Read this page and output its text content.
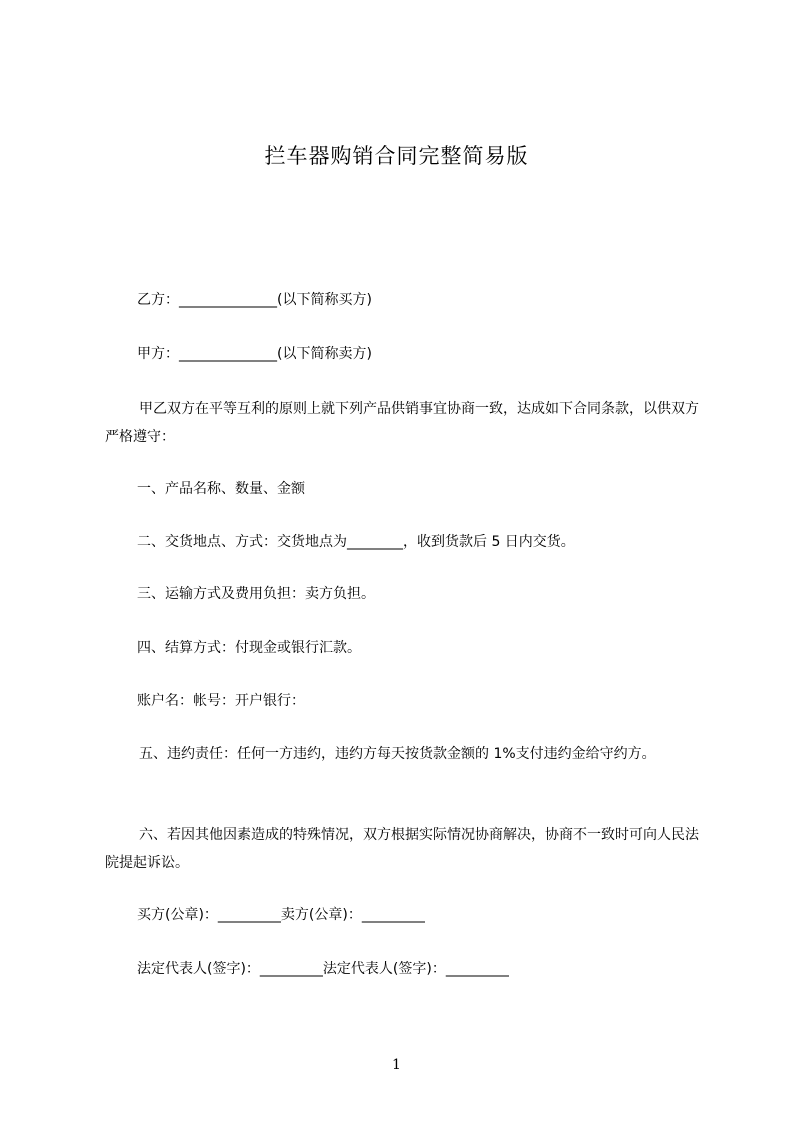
拦车器购销合同完整简易版
乙方：______________(以下简称买方)
甲方：______________(以下简称卖方)
甲乙双方在平等互利的原则上就下列产品供销事宜协商一致，达成如下合同条款，以供双方严格遵守：
一、产品名称、数量、金额
二、交货地点、方式：交货地点为________，收到货款后 5 日内交货。
三、运输方式及费用负担：卖方负担。
四、结算方式：付现金或银行汇款。
账户名：帐号：开户银行：
五、违约责任：任何一方违约，违约方每天按货款金额的 1%支付违约金给守约方。
六、若因其他因素造成的特殊情况，双方根据实际情况协商解决，协商不一致时可向人民法院提起诉讼。
买方(公章)：_________卖方(公章)：_________
法定代表人(签字)：_________法定代表人(签字)：_________
1
